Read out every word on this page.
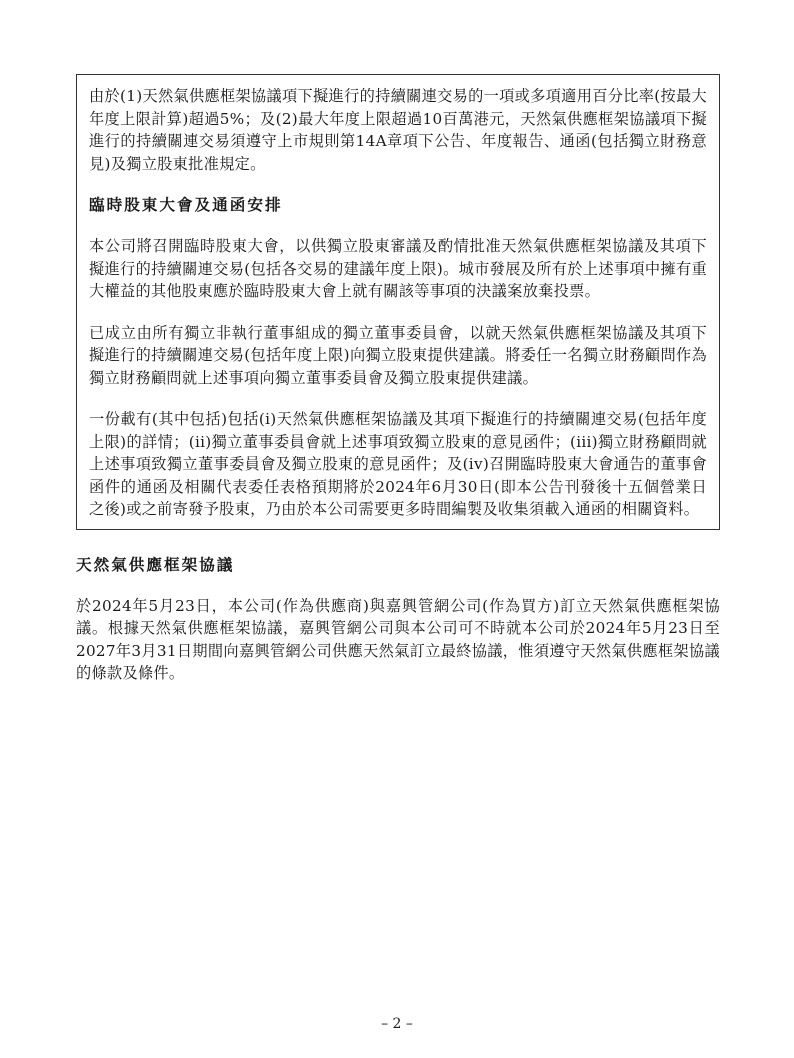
由於(1)天然氣供應框架協議項下擬進行的持續關連交易的一項或多項適用百分比率(按最大年度上限計算)超過5%；及(2)最大年度上限超過10百萬港元，天然氣供應框架協議項下擬進行的持續關連交易須遵守上市規則第14A章項下公告、年度報告、通函(包括獨立財務意見)及獨立股東批准規定。

臨時股東大會及通函安排

本公司將召開臨時股東大會，以供獨立股東審議及酌情批准天然氣供應框架協議及其項下擬進行的持續關連交易(包括各交易的建議年度上限)。城市發展及所有於上述事項中擁有重大權益的其他股東應於臨時股東大會上就有關該等事項的決議案放棄投票。

已成立由所有獨立非執行董事組成的獨立董事委員會，以就天然氣供應框架協議及其項下擬進行的持續關連交易(包括年度上限)向獨立股東提供建議。將委任一名獨立財務顧問作為獨立財務顧問就上述事項向獨立董事委員會及獨立股東提供建議。

一份載有(其中包括)包括(i)天然氣供應框架協議及其項下擬進行的持續關連交易(包括年度上限)的詳情；(ii)獨立董事委員會就上述事項致獨立股東的意見函件；(iii)獨立財務顧問就上述事項致獨立董事委員會及獨立股東的意見函件；及(iv)召開臨時股東大會通告的董事會函件的通函及相關代表委任表格預期將於2024年6月30日(即本公告刊發後十五個營業日之後)或之前寄發予股東，乃由於本公司需要更多時間編製及收集須載入通函的相關資料。

天然氣供應框架協議

於2024年5月23日，本公司(作為供應商)與嘉興管網公司(作為買方)訂立天然氣供應框架協議。根據天然氣供應框架協議，嘉興管網公司與本公司可不時就本公司於2024年5月23日至2027年3月31日期間向嘉興管網公司供應天然氣訂立最終協議，惟須遵守天然氣供應框架協議的條款及條件。

– 2 –
